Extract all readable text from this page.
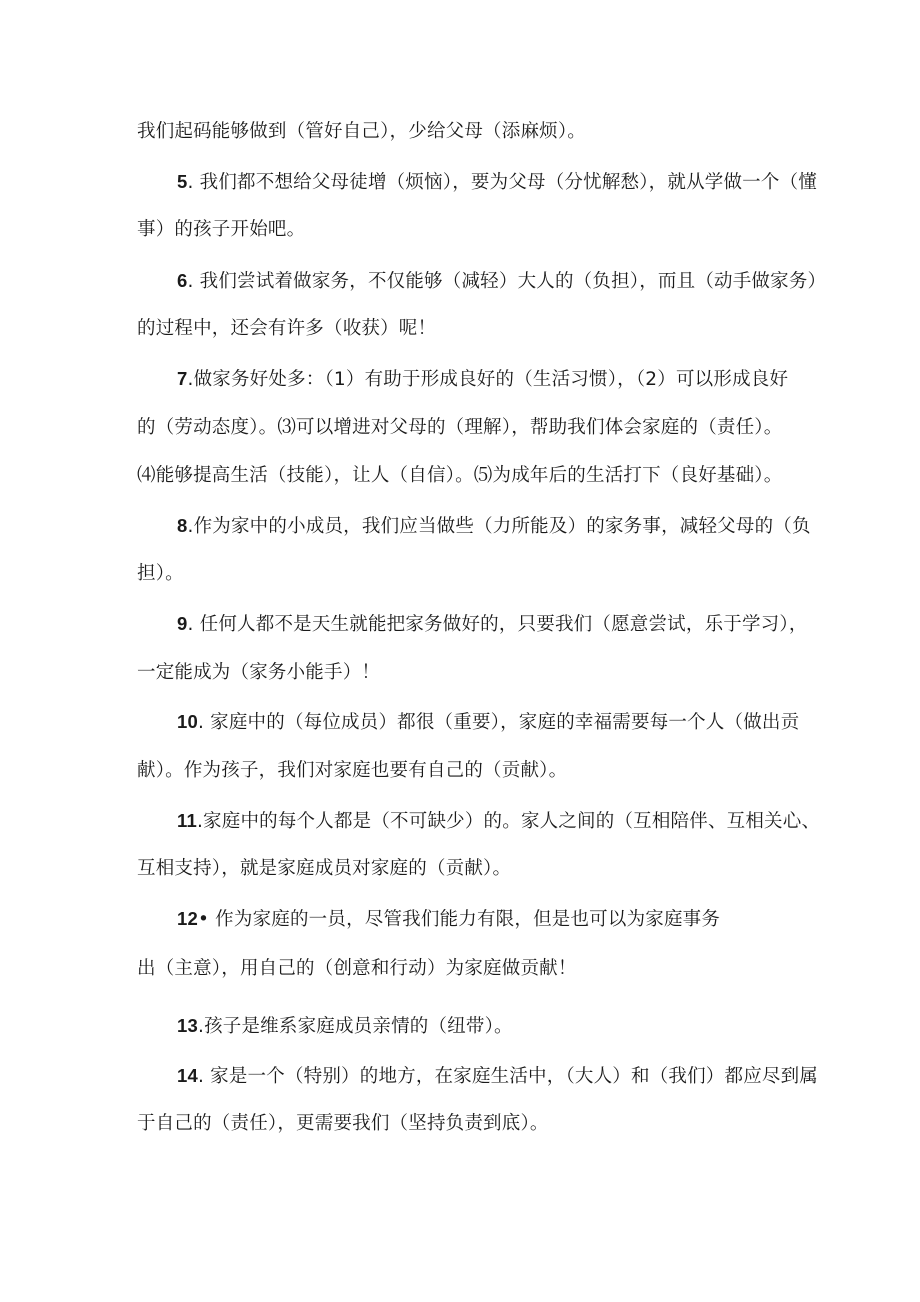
我们起码能够做到（管好自己），少给父母（添麻烦）。
5. 我们都不想给父母徒增（烦恼），要为父母（分忧解愁），就从学做一个（懂
事）的孩子开始吧。
6. 我们尝试着做家务，不仅能够（减轻）大人的（负担），而且（动手做家务）
的过程中，还会有许多（收获）呢！
7.做家务好处多：（1）有助于形成良好的（生活习惯），（2）可以形成良好
的（劳动态度）。⑶可以增进对父母的（理解），帮助我们体会家庭的（责任）。
⑷能够提高生活（技能），让人（自信）。⑸为成年后的生活打下（良好基础）。
8.作为家中的小成员，我们应当做些（力所能及）的家务事，减轻父母的（负
担）。
9. 任何人都不是天生就能把家务做好的，只要我们（愿意尝试，乐于学习），
一定能成为（家务小能手）！
10. 家庭中的（每位成员）都很（重要），家庭的幸福需要每一个人（做出贡
献）。作为孩子，我们对家庭也要有自己的（贡献）。
11.家庭中的每个人都是（不可缺少）的。家人之间的（互相陪伴、互相关心、
互相支持），就是家庭成员对家庭的（贡献）。
12• 作为家庭的一员，尽管我们能力有限，但是也可以为家庭事务
出（主意），用自己的（创意和行动）为家庭做贡献！
13.孩子是维系家庭成员亲情的（纽带）。
14. 家是一个（特别）的地方，在家庭生活中，（大人）和（我们）都应尽到属
于自己的（责任），更需要我们（坚持负责到底）。
